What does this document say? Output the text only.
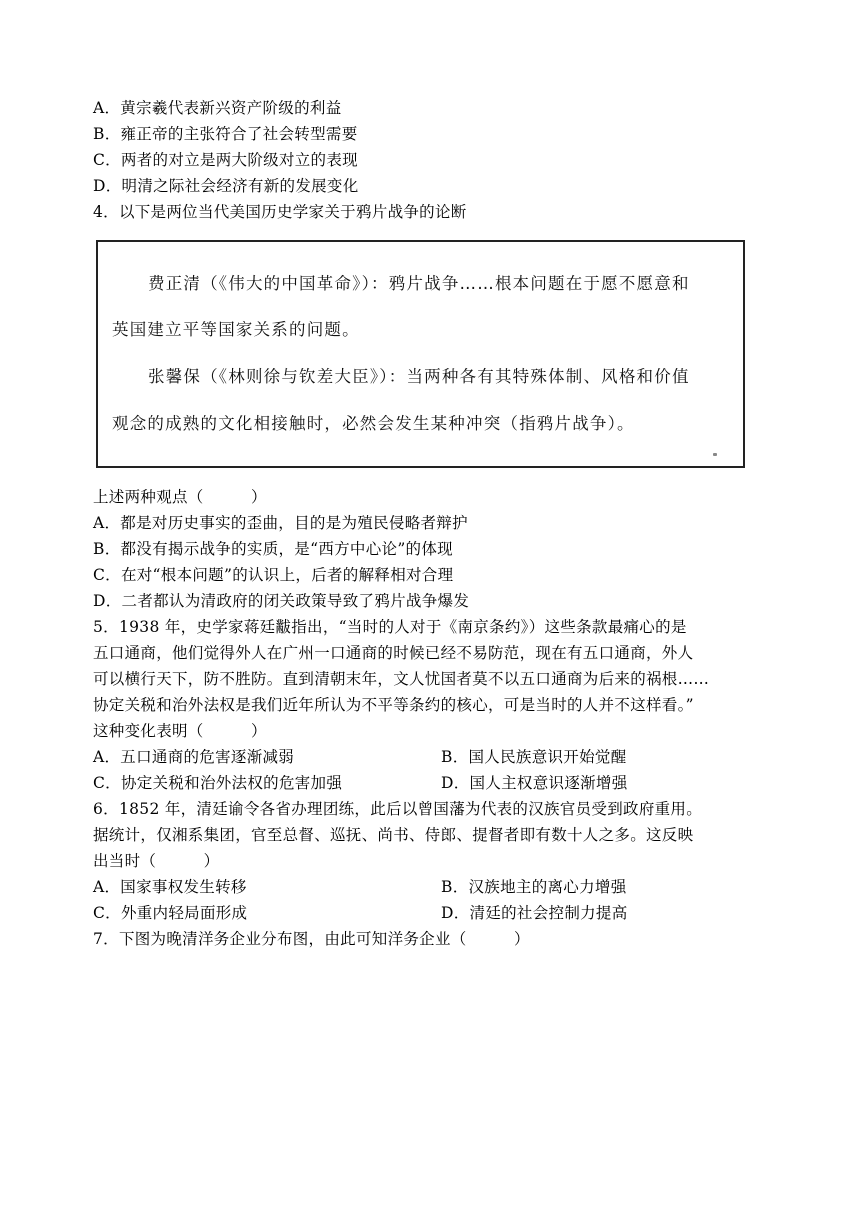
A．黄宗羲代表新兴资产阶级的利益
B．雍正帝的主张符合了社会转型需要
C．两者的对立是两大阶级对立的表现
D．明清之际社会经济有新的发展变化
4．以下是两位当代美国历史学家关于鸦片战争的论断
费正清（《伟大的中国革命》）：鸦片战争……根本问题在于愿不愿意和
英国建立平等国家关系的问题。
张馨保（《林则徐与钦差大臣》）：当两种各有其特殊体制、风格和价值
观念的成熟的文化相接触时，必然会发生某种冲突（指鸦片战争）。
上述两种观点（　　　）
A．都是对历史事实的歪曲，目的是为殖民侵略者辩护
B．都没有揭示战争的实质，是“西方中心论”的体现
C．在对“根本问题”的认识上，后者的解释相对合理
D．二者都认为清政府的闭关政策导致了鸦片战争爆发
5．1938 年，史学家蒋廷黻指出，“当时的人对于《南京条约》）这些条款最痛心的是
五口通商，他们觉得外人在广州一口通商的时候已经不易防范，现在有五口通商，外人
可以横行天下，防不胜防。直到清朝末年，文人忧国者莫不以五口通商为后来的祸根……
协定关税和治外法权是我们近年所认为不平等条约的核心，可是当时的人并不这样看。”
这种变化表明（　　　）
A．五口通商的危害逐渐减弱	B．国人民族意识开始觉醒
C．协定关税和治外法权的危害加强	D．国人主权意识逐渐增强
6．1852 年，清廷谕令各省办理团练，此后以曾国藩为代表的汉族官员受到政府重用。
据统计，仅湘系集团，官至总督、巡抚、尚书、侍郎、提督者即有数十人之多。这反映
出当时（　　　）
A．国家事权发生转移	B．汉族地主的离心力增强
C．外重内轻局面形成	D．清廷的社会控制力提高
7．下图为晚清洋务企业分布图，由此可知洋务企业（　　　）
